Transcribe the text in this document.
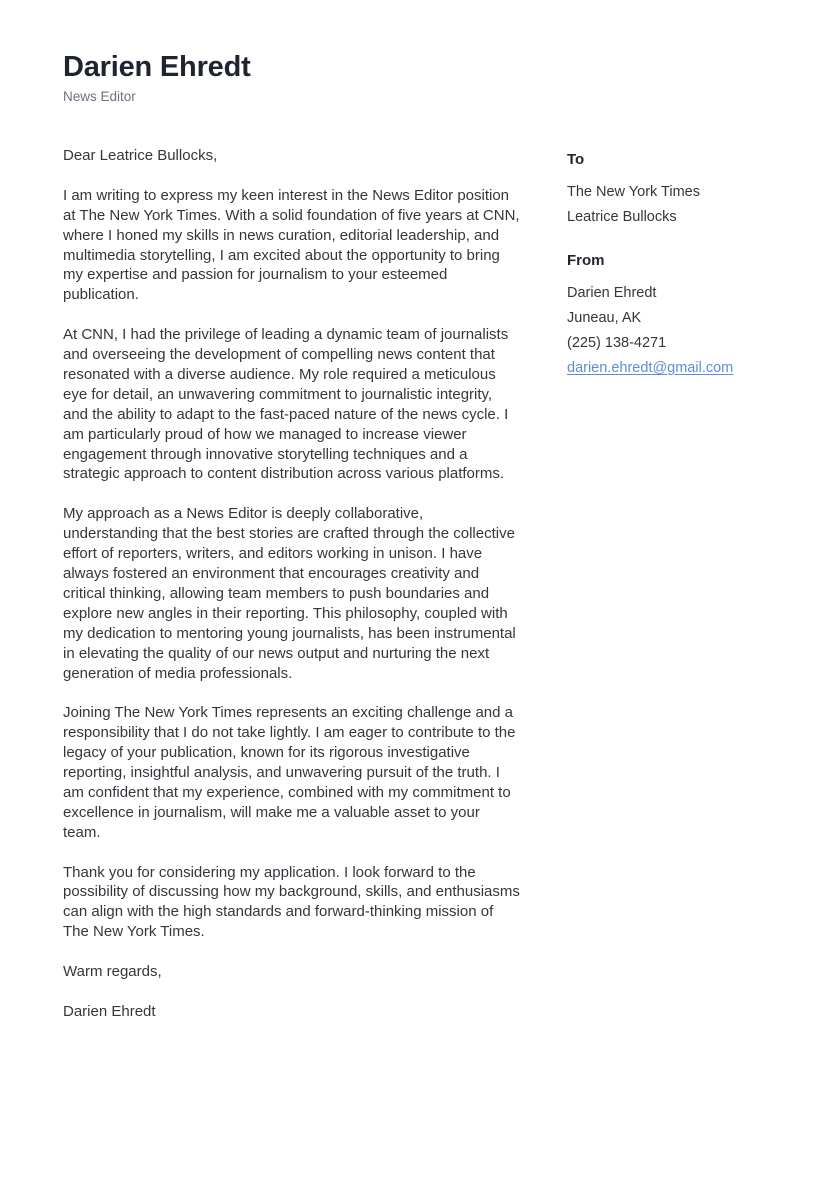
Darien Ehredt

News Editor

Dear Leatrice Bullocks,

I am writing to express my keen interest in the News Editor position at The New York Times. With a solid foundation of five years at CNN, where I honed my skills in news curation, editorial leadership, and multimedia storytelling, I am excited about the opportunity to bring my expertise and passion for journalism to your esteemed publication.

At CNN, I had the privilege of leading a dynamic team of journalists and overseeing the development of compelling news content that resonated with a diverse audience. My role required a meticulous eye for detail, an unwavering commitment to journalistic integrity, and the ability to adapt to the fast-paced nature of the news cycle. I am particularly proud of how we managed to increase viewer engagement through innovative storytelling techniques and a strategic approach to content distribution across various platforms.

My approach as a News Editor is deeply collaborative, understanding that the best stories are crafted through the collective effort of reporters, writers, and editors working in unison. I have always fostered an environment that encourages creativity and critical thinking, allowing team members to push boundaries and explore new angles in their reporting. This philosophy, coupled with my dedication to mentoring young journalists, has been instrumental in elevating the quality of our news output and nurturing the next generation of media professionals.

Joining The New York Times represents an exciting challenge and a responsibility that I do not take lightly. I am eager to contribute to the legacy of your publication, known for its rigorous investigative reporting, insightful analysis, and unwavering pursuit of the truth. I am confident that my experience, combined with my commitment to excellence in journalism, will make me a valuable asset to your team.

Thank you for considering my application. I look forward to the possibility of discussing how my background, skills, and enthusiasms can align with the high standards and forward-thinking mission of The New York Times.

Warm regards,

Darien Ehredt

To

The New York Times

Leatrice Bullocks

From

Darien Ehredt

Juneau, AK

(225) 138-4271

darien.ehredt@gmail.com
